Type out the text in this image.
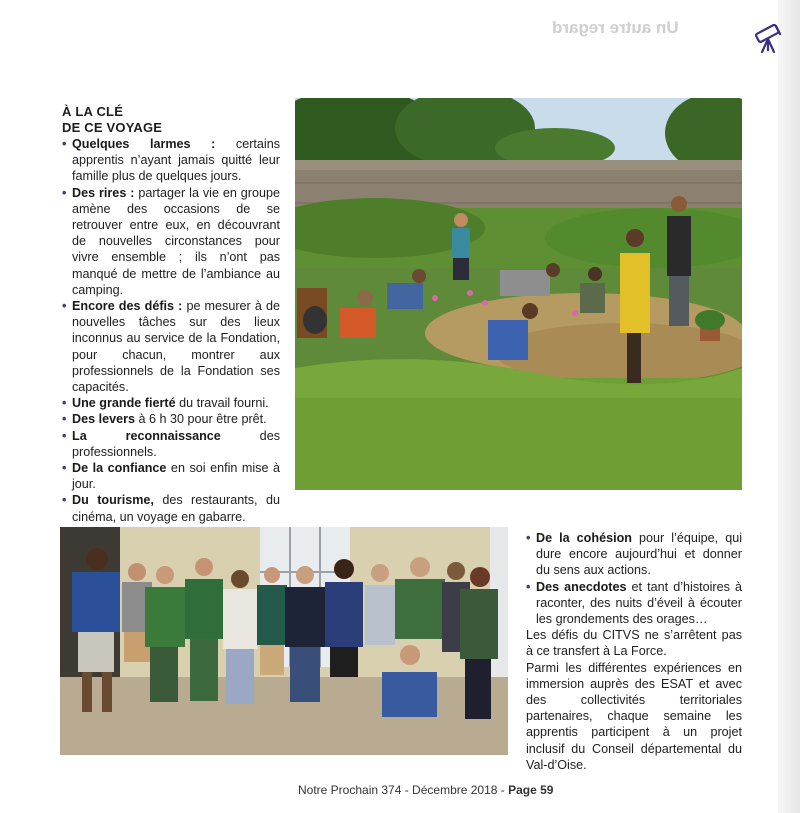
Un autre regard
À LA CLÉ
DE CE VOYAGE
• Quelques larmes : certains apprentis n’ayant jamais quitté leur famille plus de quelques jours.
• Des rires : partager la vie en groupe amène des occasions de se retrouver entre eux, en découvrant de nouvelles circonstances pour vivre ensemble ; ils n’ont pas manqué de mettre de l’ambiance au camping.
• Encore des défis : pe mesurer à de nouvelles tâches sur des lieux inconnus au service de la Fondation, pour chacun, montrer aux professionnels de la Fondation ses capacités.
• Une grande fierté du travail fourni.
• Des levers à 6 h 30 pour être prêt.
• La reconnaissance des professionnels.
• De la confiance en soi enfin mise à jour.
• Du tourisme, des restaurants, du cinéma, un voyage en gabarre.
•
• De la cohésion pour l’équipe, qui dure encore aujourd’hui et donner du sens aux actions.
• Des anecdotes et tant d’histoires à raconter, des nuits d’éveil à écouter les grondements des orages…

Les défis du CITVS ne s’arrêtent pas à ce transfert à La Force.

Parmi les différentes expériences en immersion auprès des ESAT et avec des collectivités territoriales partenaires, chaque semaine les apprentis participent à un projet inclusif du Conseil départemental du Val-d’Oise.

Notre Prochain 374 - Décembre 2018 - Page 59
